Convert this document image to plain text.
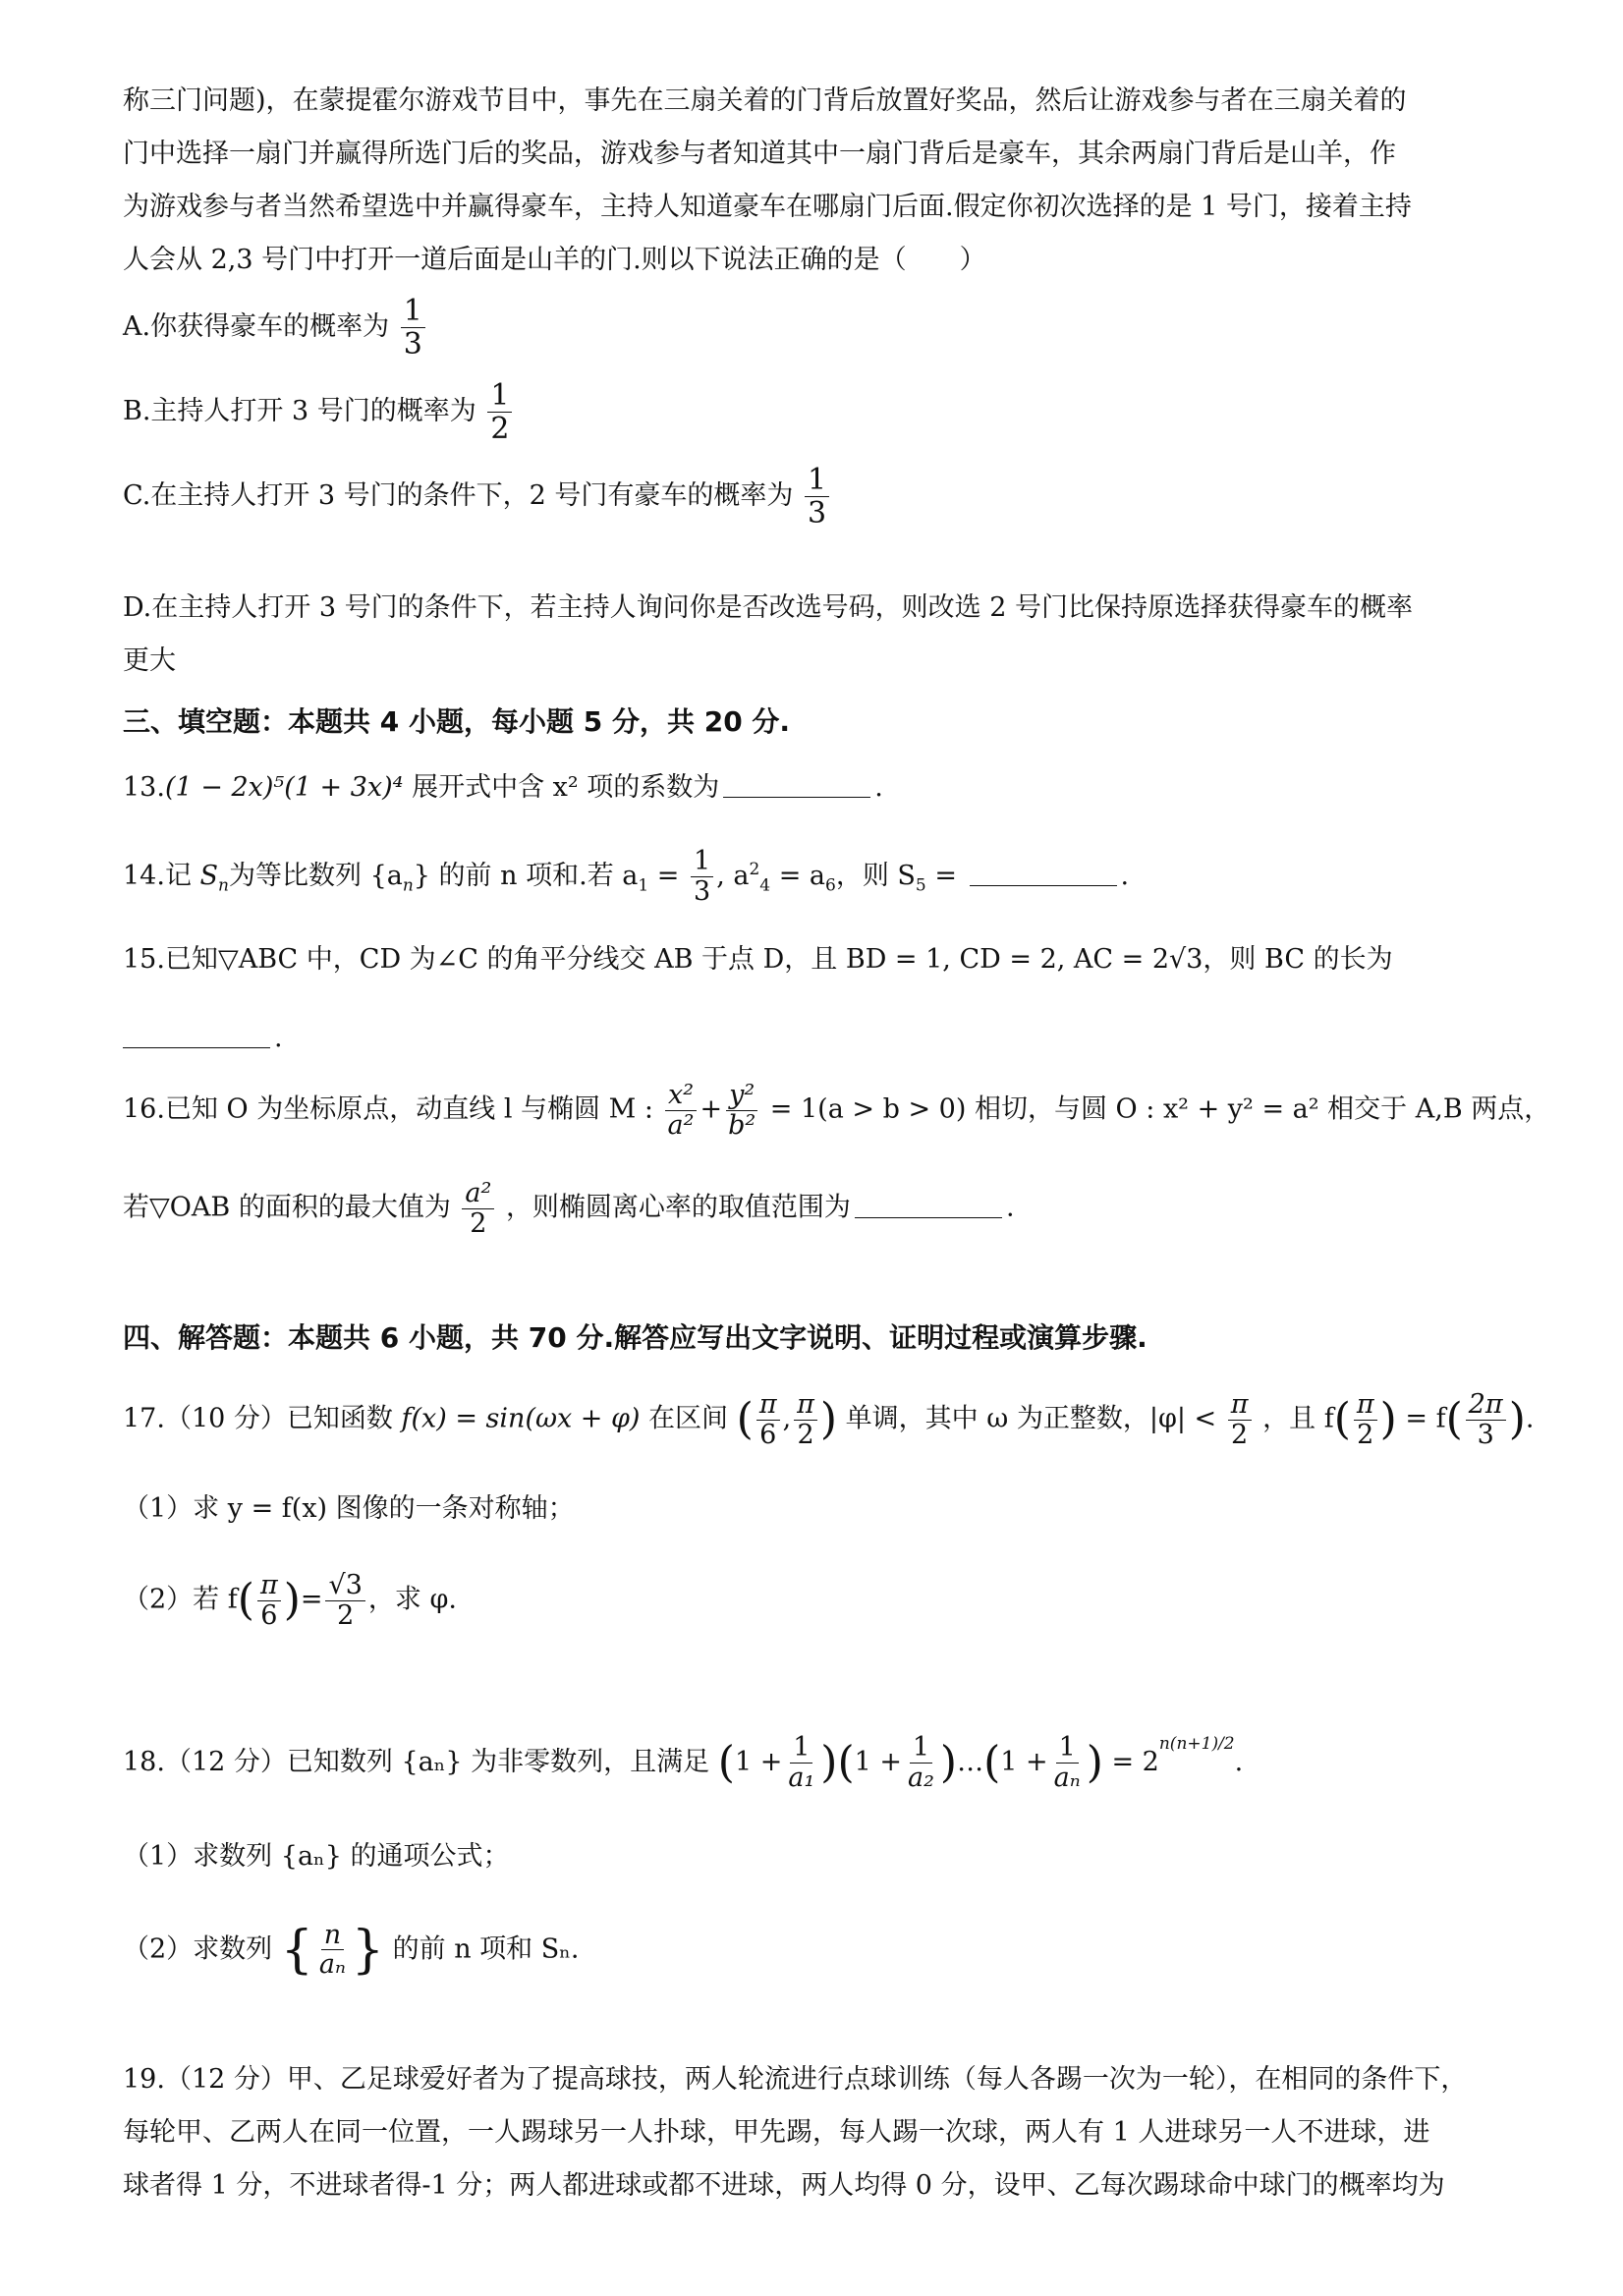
称三门问题)，在蒙提霍尔游戏节目中，事先在三扇关着的门背后放置好奖品，然后让游戏参与者在三扇关着的
门中选择一扇门并赢得所选门后的奖品，游戏参与者知道其中一扇门背后是豪车，其余两扇门背后是山羊，作
为游戏参与者当然希望选中并赢得豪车，主持人知道豪车在哪扇门后面.假定你初次选择的是 1 号门，接着主持
人会从 2,3 号门中打开一道后面是山羊的门.则以下说法正确的是（　　）
A.你获得豪车的概率为 $\frac{1}{3}$
B.主持人打开 3 号门的概率为 $\frac{1}{2}$
C.在主持人打开 3 号门的条件下，2 号门有豪车的概率为 $\frac{1}{3}$
D.在主持人打开 3 号门的条件下，若主持人询问你是否改选号码，则改选 2 号门比保持原选择获得豪车的概率
更大
三、填空题：本题共 4 小题，每小题 5 分，共 20 分.
13.(1 − 2x)⁵(1 + 3x)⁴ 展开式中含 x² 项的系数为	.
14.记 $S_n$为等比数列 $\{a_n\}$ 的前 n 项和.若 $a_1 = \frac{1}{3}$ , $a^2_4 = a_6$，则 $S_5$ =	.
15.已知▽ABC 中，CD 为∠C 的角平分线交 AB 于点 D，且 BD = 1, CD = 2, AC = 2√3，则 BC 的长为
.
16.已知 O 为坐标原点，动直线 l 与椭圆 M : $\frac{\text{x²}}{\text{a²}} + \frac{\text{y²}}{\text{b²}} = 1(a > b > 0)$ 相切，与圆 O : x² + y² = a² 相交于 A,B 两点，
若▽OAB 的面积的最大值为 $\frac{\text{a²}}{2}$ ，则椭圆离心率的取值范围为	.
四、解答题：本题共 6 小题，共 70 分.解答应写出文字说明、证明过程或演算步骤.
17.（10 分）已知函数 f(x) = sin(ωx + φ) 在区间 ( $\frac{\pi}{6}$ , $\frac{\pi}{2}$ ) 单调，其中 ω 为正整数，$|\varphi| < \frac{\pi}{2}$ ，且 $f( \frac{\pi}{2}$ ) = $f( \frac{2\pi}{3}$ ).
（1）求 y = f(x) 图像的一条对称轴；
（2）若 $f( \frac{\pi}{6}$ )= $\frac{√3}{2}$ ，求 φ.
18.（12 分）已知数列 {aₙ} 为非零数列，且满足 $(1 + \frac{1}{\text{a₁}} )(1 + \frac{1}{\text{a₂}}$ )…(1 + $\frac{1}{\text{aₙ}}$ ) = $2^{n(n+1)/2}$.
（1）求数列 {aₙ} 的通项公式；
（2）求数列 { $\frac{n}{\text{aₙ}}$ } 的前 n 项和 Sₙ.
19.（12 分）甲、乙足球爱好者为了提高球技，两人轮流进行点球训练（每人各踢一次为一轮），在相同的条件下，
每轮甲、乙两人在同一位置，一人踢球另一人扑球，甲先踢，每人踢一次球，两人有 1 人进球另一人不进球，进
球者得 1 分，不进球者得-1 分；两人都进球或都不进球，两人均得 0 分，设甲、乙每次踢球命中球门的概率均为
